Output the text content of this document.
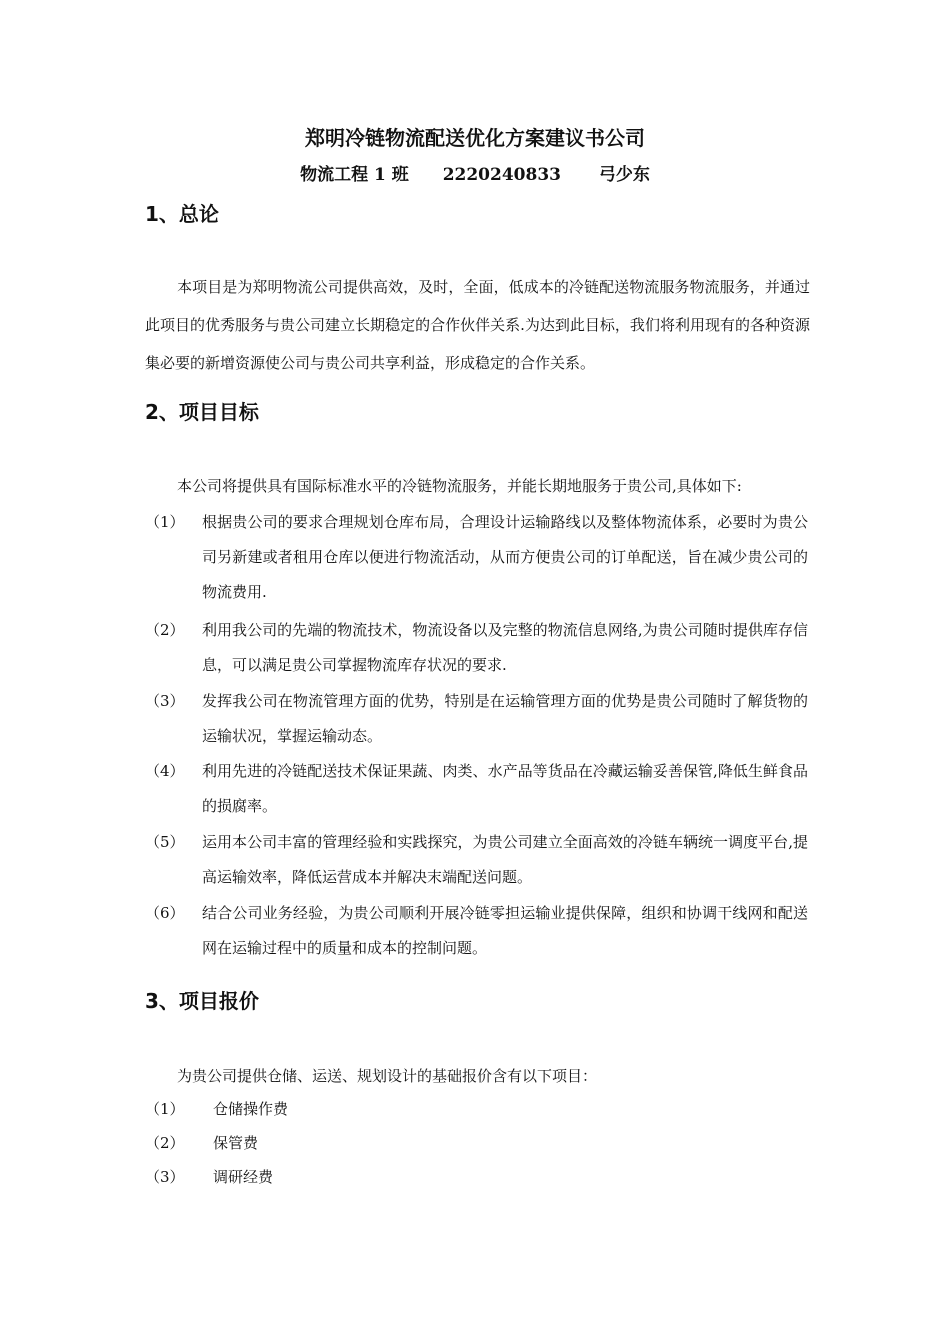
郑明冷链物流配送优化方案建议书公司
物流工程 1 班 2220240833 弓少东
1、总论
本项目是为郑明物流公司提供高效，及时，全面，低成本的冷链配送物流服务物流服务，并通过此项目的优秀服务与贵公司建立长期稳定的合作伙伴关系.为达到此目标，我们将利用现有的各种资源集必要的新增资源使公司与贵公司共享利益，形成稳定的合作关系。
2、项目目标
本公司将提供具有国际标准水平的冷链物流服务，并能长期地服务于贵公司,具体如下:
（1）	根据贵公司的要求合理规划仓库布局，合理设计运输路线以及整体物流体系，必要时为贵公司另新建或者租用仓库以便进行物流活动，从而方便贵公司的订单配送，旨在减少贵公司的物流费用.
（2）	利用我公司的先端的物流技术，物流设备以及完整的物流信息网络,为贵公司随时提供库存信息，可以满足贵公司掌握物流库存状况的要求.
（3）	发挥我公司在物流管理方面的优势，特别是在运输管理方面的优势是贵公司随时了解货物的运输状况，掌握运输动态。
（4）	利用先进的冷链配送技术保证果蔬、肉类、水产品等货品在冷藏运输妥善保管,降低生鲜食品的损腐率。
（5）	运用本公司丰富的管理经验和实践探究，为贵公司建立全面高效的冷链车辆统一调度平台,提高运输效率，降低运营成本并解决末端配送问题。
（6）	结合公司业务经验，为贵公司顺利开展冷链零担运输业提供保障，组织和协调干线网和配送网在运输过程中的质量和成本的控制问题。
3、项目报价
为贵公司提供仓储、运送、规划设计的基础报价含有以下项目：
（1） 仓储操作费
（2） 保管费
（3） 调研经费
